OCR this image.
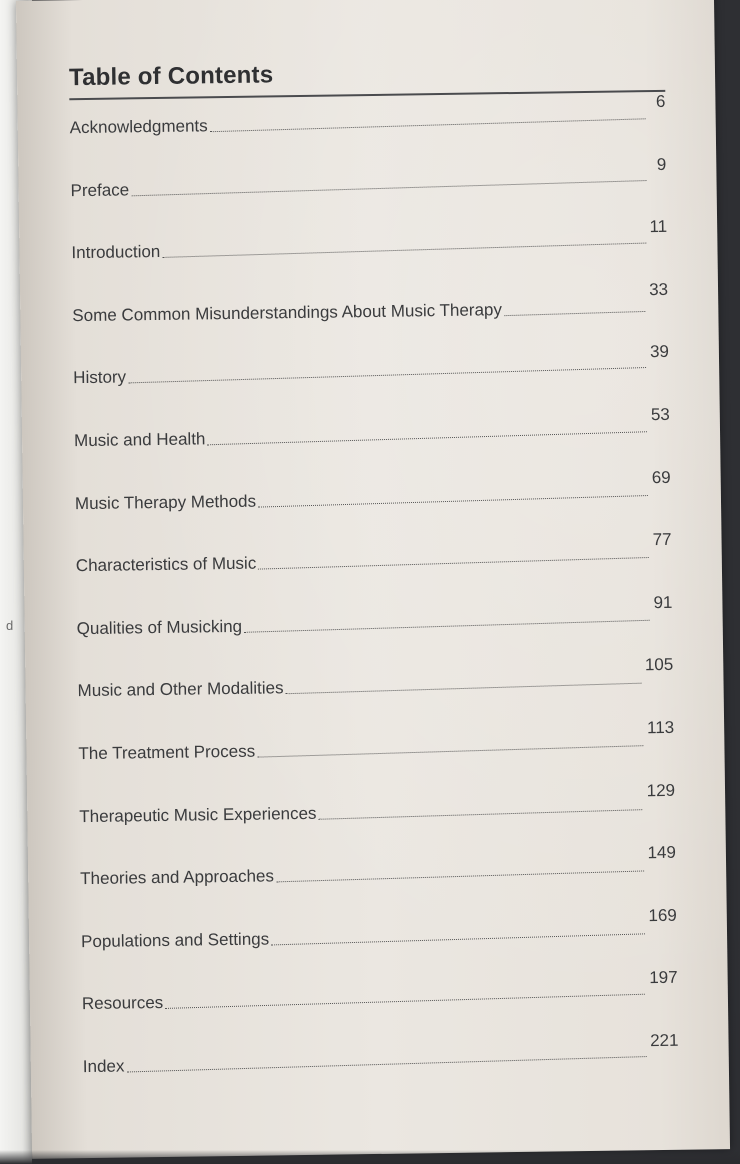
d
Table of Contents
Acknowledgments
6
Preface
9
Introduction
11
Some Common Misunderstandings About Music Therapy
33
History
39
Music and Health
53
Music Therapy Methods
69
Characteristics of Music
77
Qualities of Musicking
91
Music and Other Modalities
105
The Treatment Process
113
Therapeutic Music Experiences
129
Theories and Approaches
149
Populations and Settings
169
Resources
197
Index
221
